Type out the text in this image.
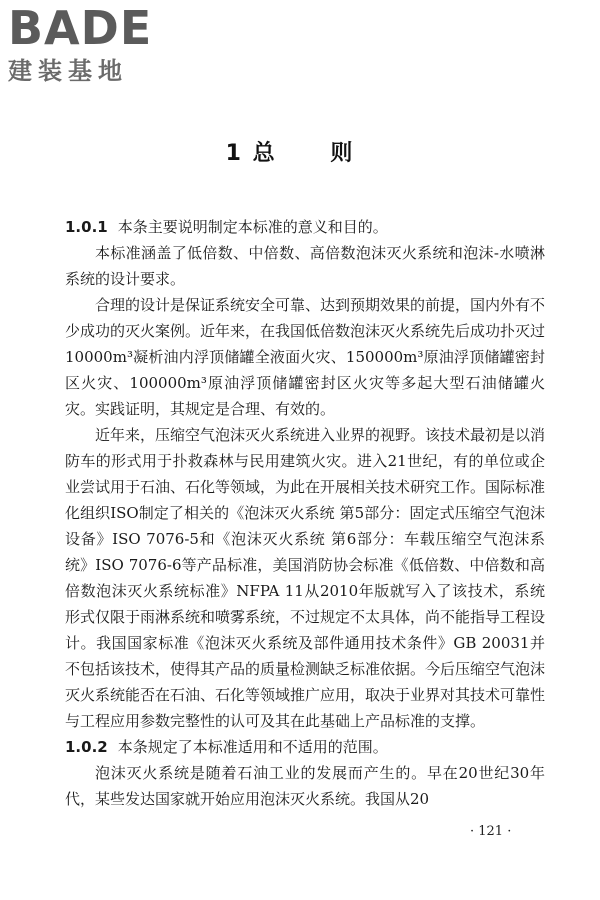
BADE
建装基地
1 总 则

1.0.1 本条主要说明制定本标准的意义和目的。

本标准涵盖了低倍数、中倍数、高倍数泡沫灭火系统和泡沫-水喷淋系统的设计要求。

合理的设计是保证系统安全可靠、达到预期效果的前提，国内外有不少成功的灭火案例。近年来，在我国低倍数泡沫灭火系统先后成功扑灭过10000m³凝析油内浮顶储罐全液面火灾、150000m³原油浮顶储罐密封区火灾、100000m³原油浮顶储罐密封区火灾等多起大型石油储罐火灾。实践证明，其规定是合理、有效的。

近年来，压缩空气泡沫灭火系统进入业界的视野。该技术最初是以消防车的形式用于扑救森林与民用建筑火灾。进入21世纪，有的单位或企业尝试用于石油、石化等领域，为此在开展相关技术研究工作。国际标准化组织ISO制定了相关的《泡沫灭火系统 第5部分：固定式压缩空气泡沫设备》ISO 7076-5和《泡沫灭火系统 第6部分：车载压缩空气泡沫系统》ISO 7076-6等产品标准，美国消防协会标准《低倍数、中倍数和高倍数泡沫灭火系统标准》NFPA 11从2010年版就写入了该技术，系统形式仅限于雨淋系统和喷雾系统，不过规定不太具体，尚不能指导工程设计。我国国家标准《泡沫灭火系统及部件通用技术条件》GB 20031并不包括该技术，使得其产品的质量检测缺乏标准依据。今后压缩空气泡沫灭火系统能否在石油、石化等领域推广应用，取决于业界对其技术可靠性与工程应用参数完整性的认可及其在此基础上产品标准的支撑。

1.0.2 本条规定了本标准适用和不适用的范围。

泡沫灭火系统是随着石油工业的发展而产生的。早在20世纪30年代，某些发达国家就开始应用泡沫灭火系统。我国从20

· 121 ·
